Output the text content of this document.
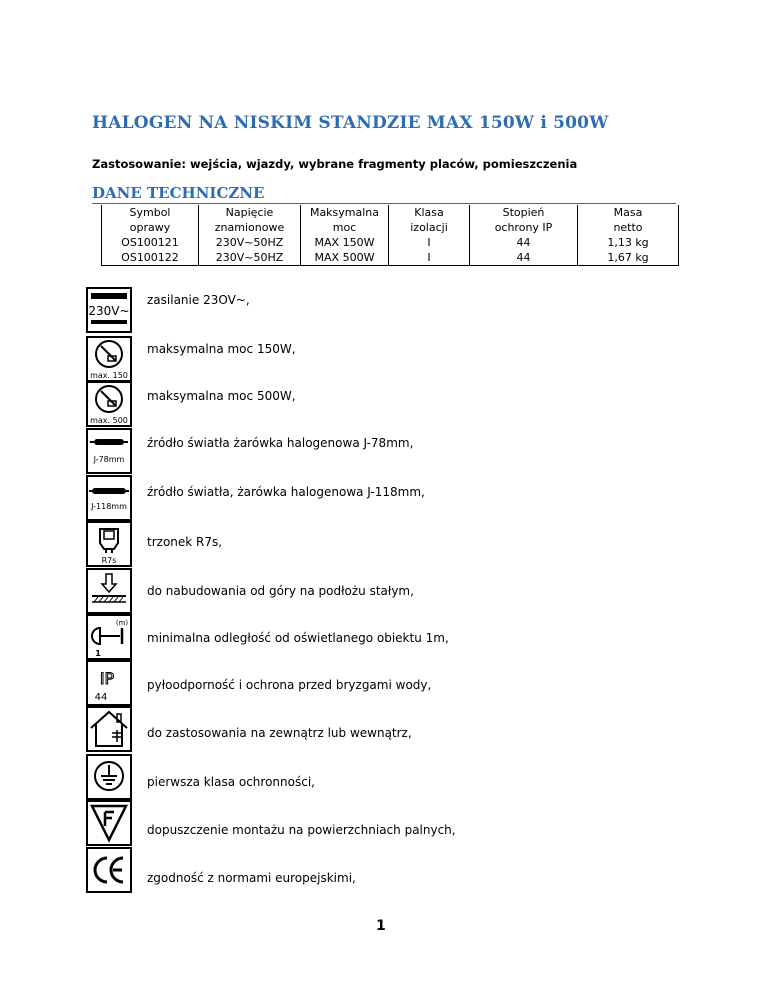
HALOGEN NA NISKIM STANDZIE MAX 150W i 500W
Zastosowanie: wejścia, wjazdy, wybrane fragmenty placów, pomieszczenia
DANE TECHNICZNE
Symbol	Napięcie	Maksymalna	Klasa	Stopień	Masa
oprawy	znamionowe	moc	izolacji	ochrony IP	netto
OS100121	230V~50HZ	MAX 150W	I	44	1,13 kg
OS100122	230V~50HZ	MAX 500W	I	44	1,67 kg
230V~
zasilanie 23OV~,
max. 150
maksymalna moc 150W,
max. 500
maksymalna moc 500W,
J-78mm
źródło światła żarówka halogenowa J-78mm,
J-118mm
źródło światła, żarówka halogenowa J-118mm,
R7s
trzonek R7s,
do nabudowania od góry na podłożu stałym,
(m)
1
minimalna odległość od oświetlanego obiektu 1m,
IP
44
pyłoodporność i ochrona przed bryzgami wody,
do zastosowania na zewnątrz lub wewnątrz,
pierwsza klasa ochronności,
dopuszczenie montażu na powierzchniach palnych,
zgodność z normami europejskimi,
1
